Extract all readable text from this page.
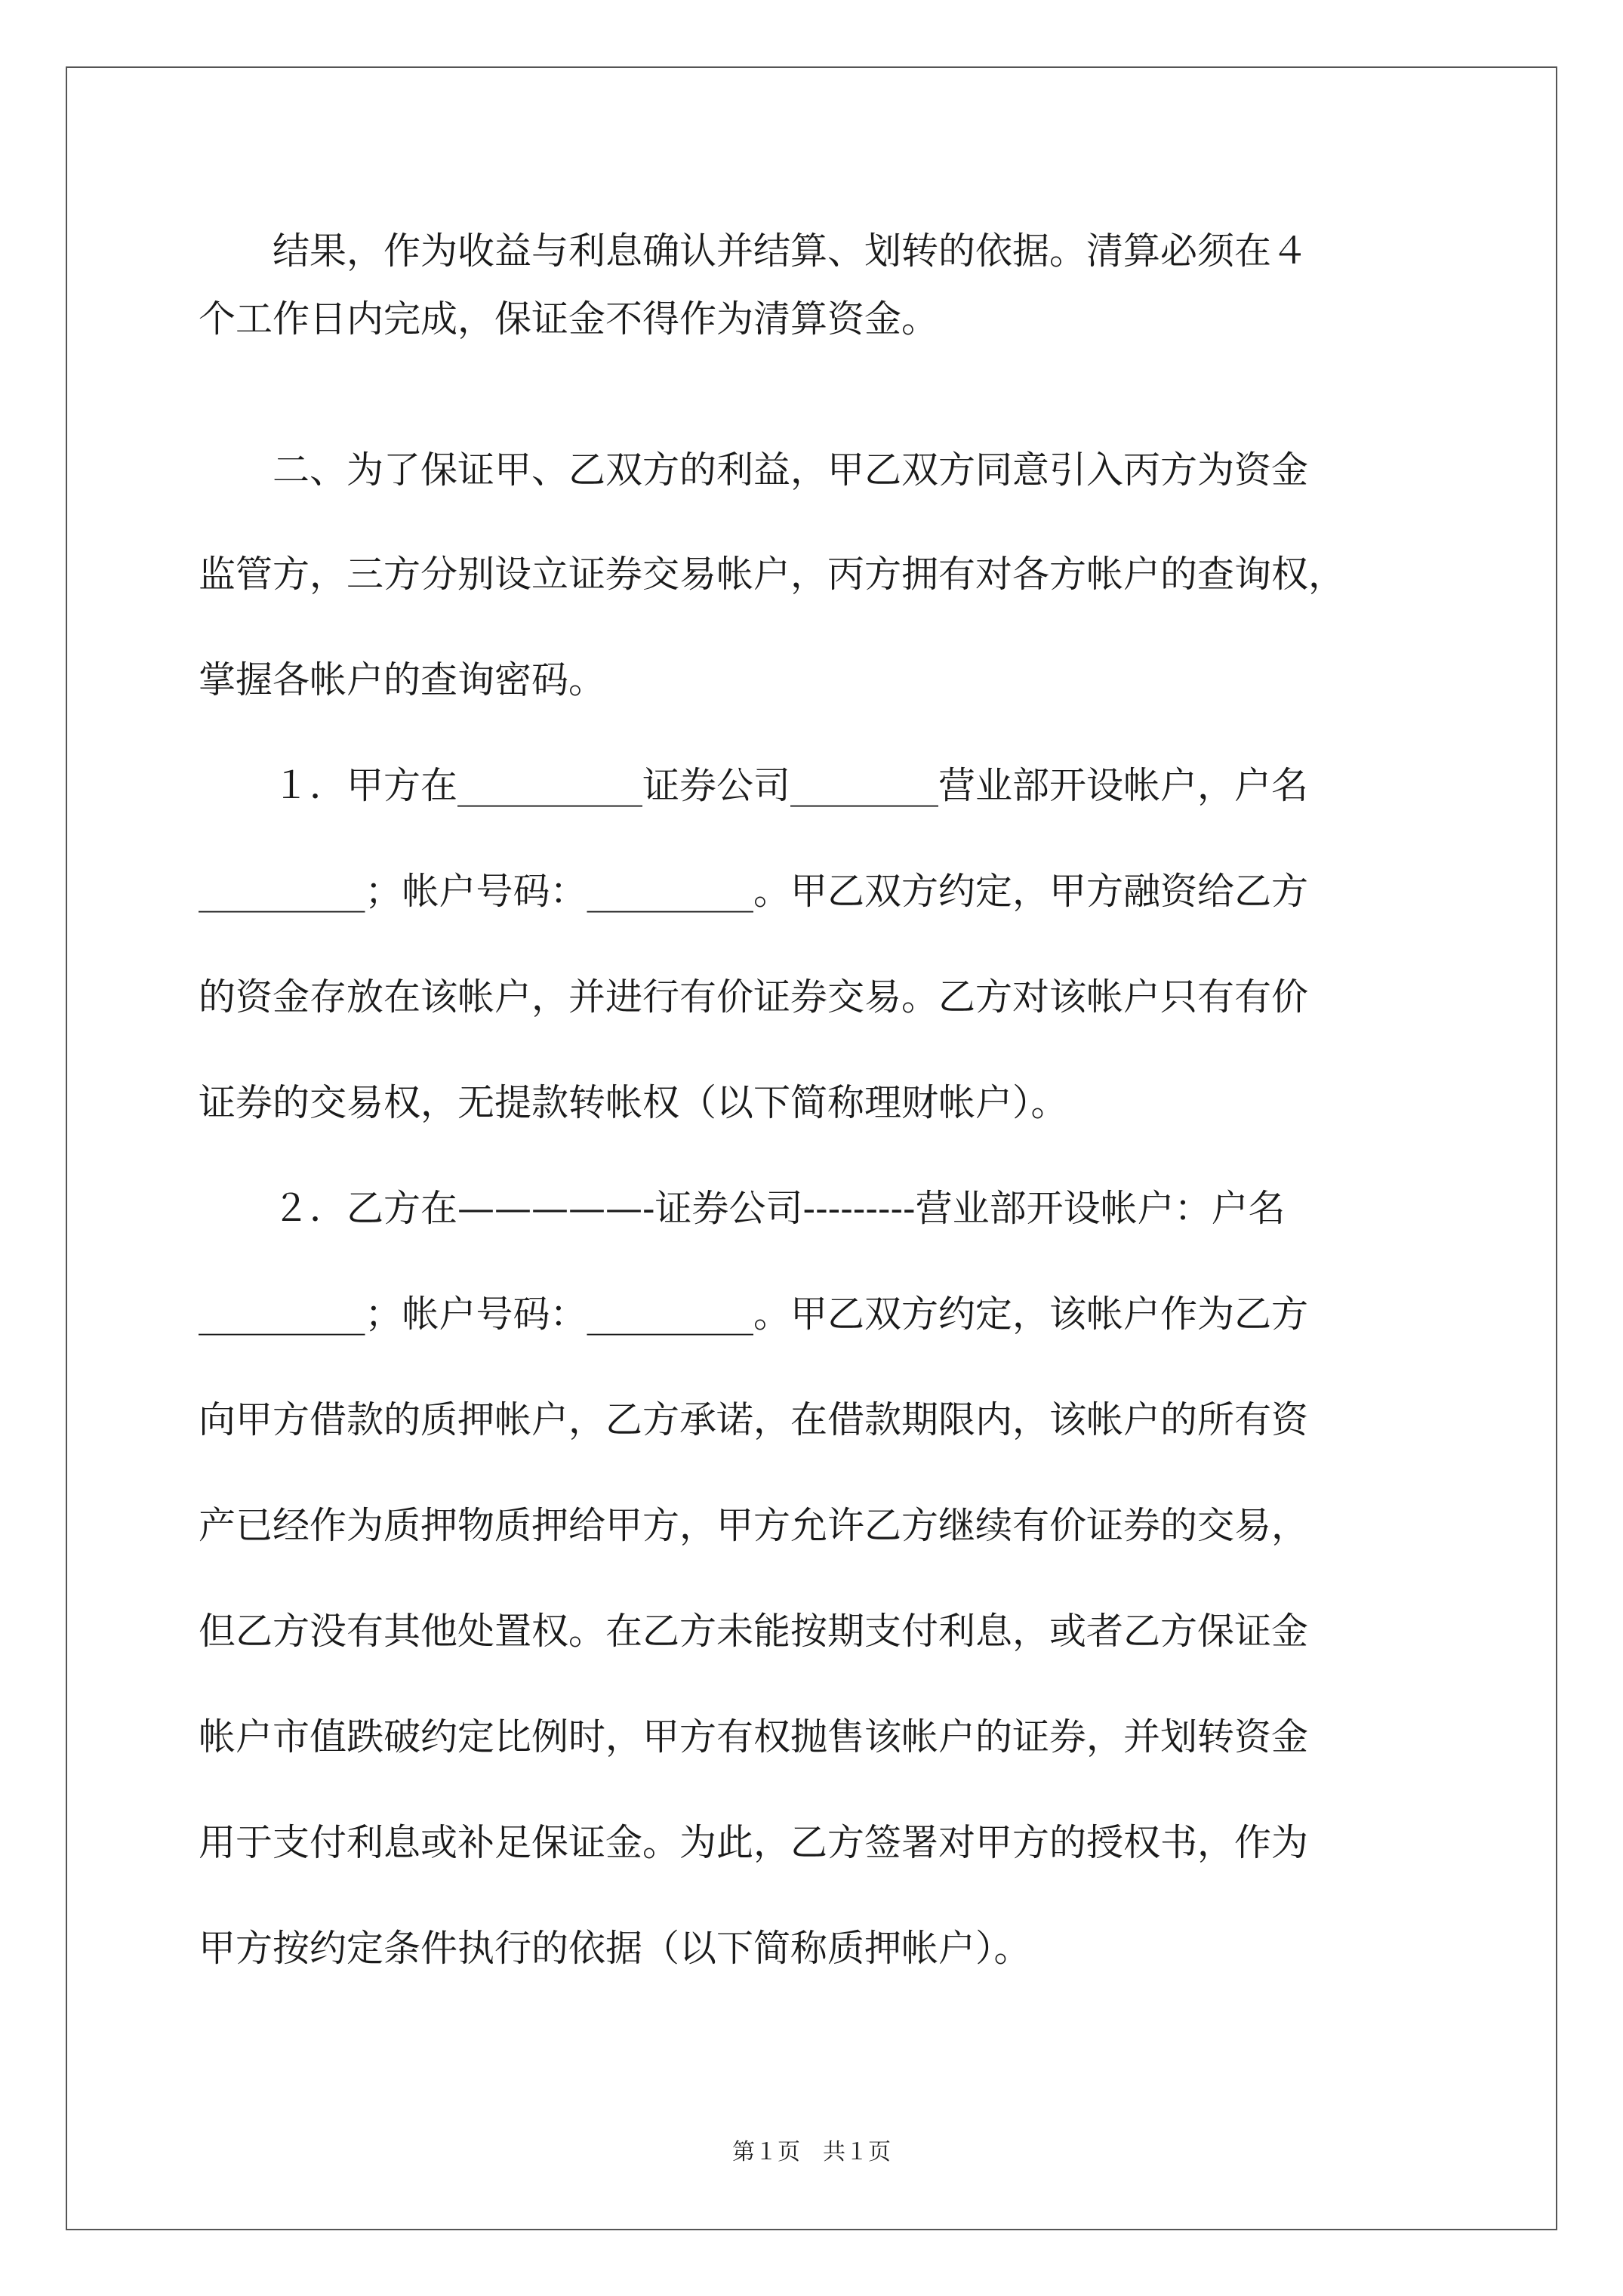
　　结果，作为收益与利息确认并结算、划转的依据。清算必须在４
个工作日内完成，保证金不得作为清算资金。
　　二、为了保证甲、乙双方的利益，甲乙双方同意引入丙方为资金
监管方，三方分别设立证券交易帐户，丙方拥有对各方帐户的查询权，
掌握各帐户的查询密码。
　　１．甲方在__________证券公司________营业部开设帐户，户名
_________；帐户号码：_________。甲乙双方约定，甲方融资给乙方
的资金存放在该帐户，并进行有价证券交易。乙方对该帐户只有有价
证券的交易权，无提款转帐权（以下简称理财帐户）。
　　２．乙方在—————-证券公司---------营业部开设帐户：户名
_________；帐户号码：_________。甲乙双方约定，该帐户作为乙方
向甲方借款的质押帐户，乙方承诺，在借款期限内，该帐户的所有资
产已经作为质押物质押给甲方，甲方允许乙方继续有价证券的交易，
但乙方没有其他处置权。在乙方未能按期支付利息，或者乙方保证金
帐户市值跌破约定比例时，甲方有权抛售该帐户的证券，并划转资金
用于支付利息或补足保证金。为此，乙方签署对甲方的授权书，作为
甲方按约定条件执行的依据（以下简称质押帐户）。
第１页　共１页
